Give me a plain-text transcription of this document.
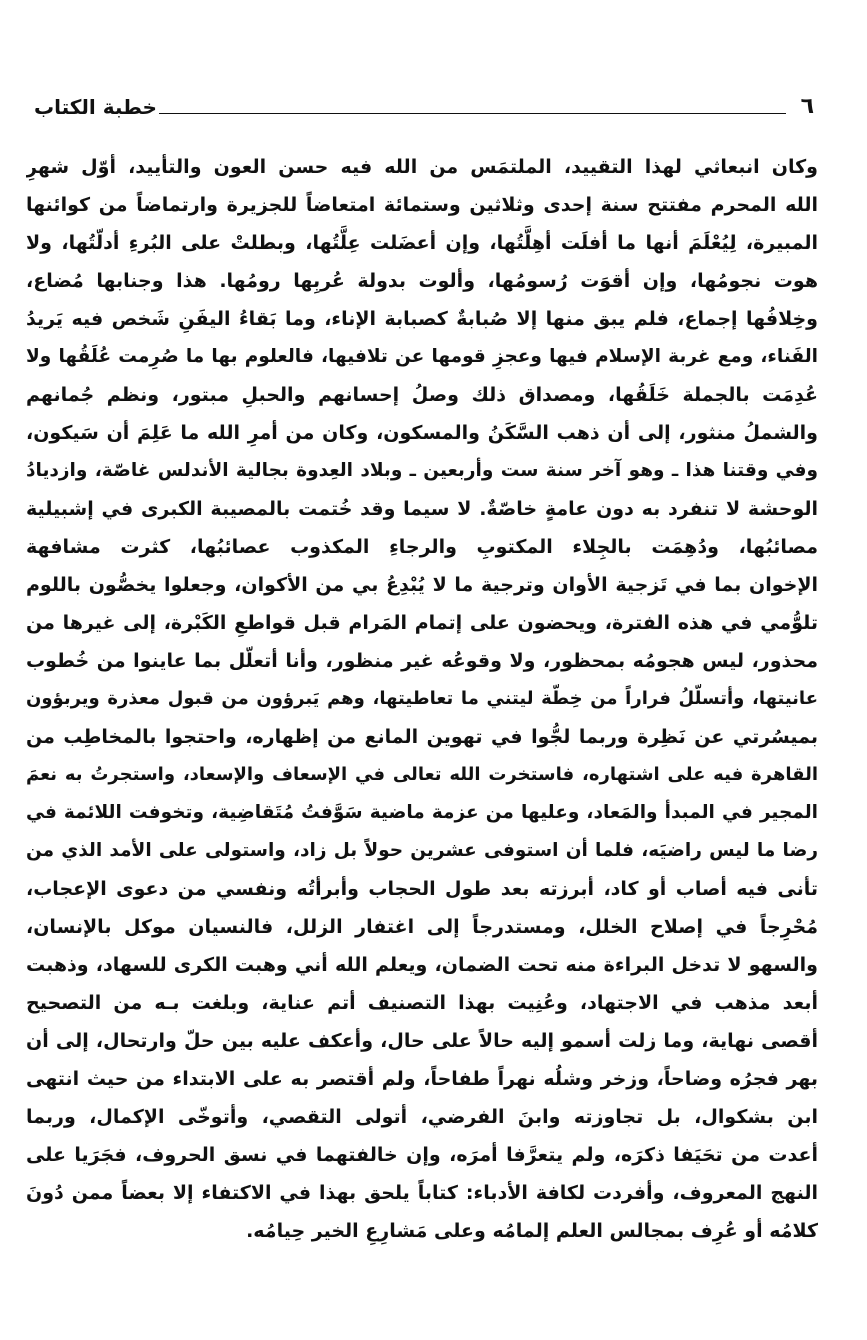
٦
خطبة الكتاب
وكان انبعاثي لهذا التقييد، الملتمَس من الله فيه حسن العون والتأييد، أوّل شهرِ
الله المحرم مفتتح سنة إحدى وثلاثين وستمائة امتعاضاً للجزيرة وارتماضاً من كوائنها
المبيرة، لِيُعْلَمَ أنها ما أفلَت أهِلَّتُها، وإن أعضَلت عِلَّتُها، وبطلتْ على البُرءِ أدلّتُها، ولا
هوت نجومُها، وإن أقوَت رُسومُها، وألوت بدولة عُربِها رومُها. هذا وجنابها مُضاع،
وخِلافُها إجماع، فلم يبق منها إلا صُبابةٌ كصبابة الإناء، وما بَقاءُ اليفَنِ شَخص فيه يَريدُ
الفَناء، ومع غربة الإسلام فيها وعجزِ قومها عن تلافيها، فالعلوم بها ما صُرِمت عُلَقُها ولا
عُدِمَت بالجملة خَلَقُها، ومصداق ذلك وصلُ إحسانهم والحبلِ مبتور، ونظم جُمانهم
والشملُ منثور، إلى أن ذهب السَّكَنُ والمسكون، وكان من أمرِ الله ما عَلِمَ أن سَيكون،
وفي وقتنا هذا ـ وهو آخر سنة ست وأربعين ـ وبلاد العِدوة بجالية الأندلس غاصّة، وازديادُ
الوحشة لا تنفرد به دون عامةٍ خاصّةٌ. لا سيما وقد خُتمت بالمصيبة الكبرى في إشبيلية
مصائبُها، ودُهِمَت بالجِلاء المكتوبِ والرجاءِ المكذوب عصائبُها، كثرت مشافهة
الإخوان بما في تَزجية الأوان وترجية ما لا يُبْدِعُ بي من الأكوان، وجعلوا يخصُّون باللوم
تلوُّمي في هذه الفترة، ويحضون على إتمام المَرام قبل قواطعِ الكَبْرة، إلى غيرها من
محذور، ليس هجومُه بمحظور، ولا وقوعُه غير منظور، وأنا أتعلّل بما عاينوا من خُطوب
عانيتها، وأتسلّلُ فراراً من خِطّة ليتني ما تعاطيتها، وهم يَبرؤون من قبول معذرة ويربؤون
بميسُرتي عن نَظِرة وربما لجُّوا في تهوين المانع من إظهاره، واحتجوا بالمخاطِب من
القاهرة فيه على اشتهاره، فاستخرت الله تعالى في الإسعاف والإسعاد، واستجرتُ به نعمَ
المجير في المبدأ والمَعاد، وعليها من عزمة ماضية سَوَّفتُ مُتَقاضِية، وتخوفت اللائمة في
رضا ما ليس راضيَه، فلما أن استوفى عشرين حولاً بل زاد، واستولى على الأمد الذي من
تأنى فيه أصاب أو كاد، أبرزته بعد طول الحجاب وأبرأتُه ونفسي من دعوى الإعجاب،
مُحْرِجاً في إصلاح الخلل، ومستدرجاً إلى اغتفار الزلل، فالنسيان موكل بالإنسان،
والسهو لا تدخل البراءة منه تحت الضمان، ويعلم الله أني وهبت الكرى للسهاد، وذهبت
أبعد مذهب في الاجتهاد، وعُنِيت بهذا التصنيف أتم عناية، وبلغت بـه من التصحيح
أقصى نهاية، وما زلت أسمو إليه حالاً على حال، وأعكف عليه بين حلّ وارتحال، إلى أن
بهر فجرُه وضاحاً، وزخر وشلُه نهراً طفاحاً، ولم أقتصر به على الابتداء من حيث انتهى
ابن بشكوال، بل تجاوزته وابنَ الفرضي، أتولى التقصي، وأتوخّى الإكمال، وربما
أعدت من تحَيَفا ذكرَه، ولم يتعرَّفا أمرَه، وإن خالفتهما في نسق الحروف، فجَرَيا على
النهج المعروف، وأفردت لكافة الأدباء: كتاباً يلحق بهذا في الاكتفاء إلا بعضاً ممن دُونَ
كلامُه أو عُرِف بمجالس العلم إلمامُه وعلى مَشارِعِ الخير حِيامُه.
